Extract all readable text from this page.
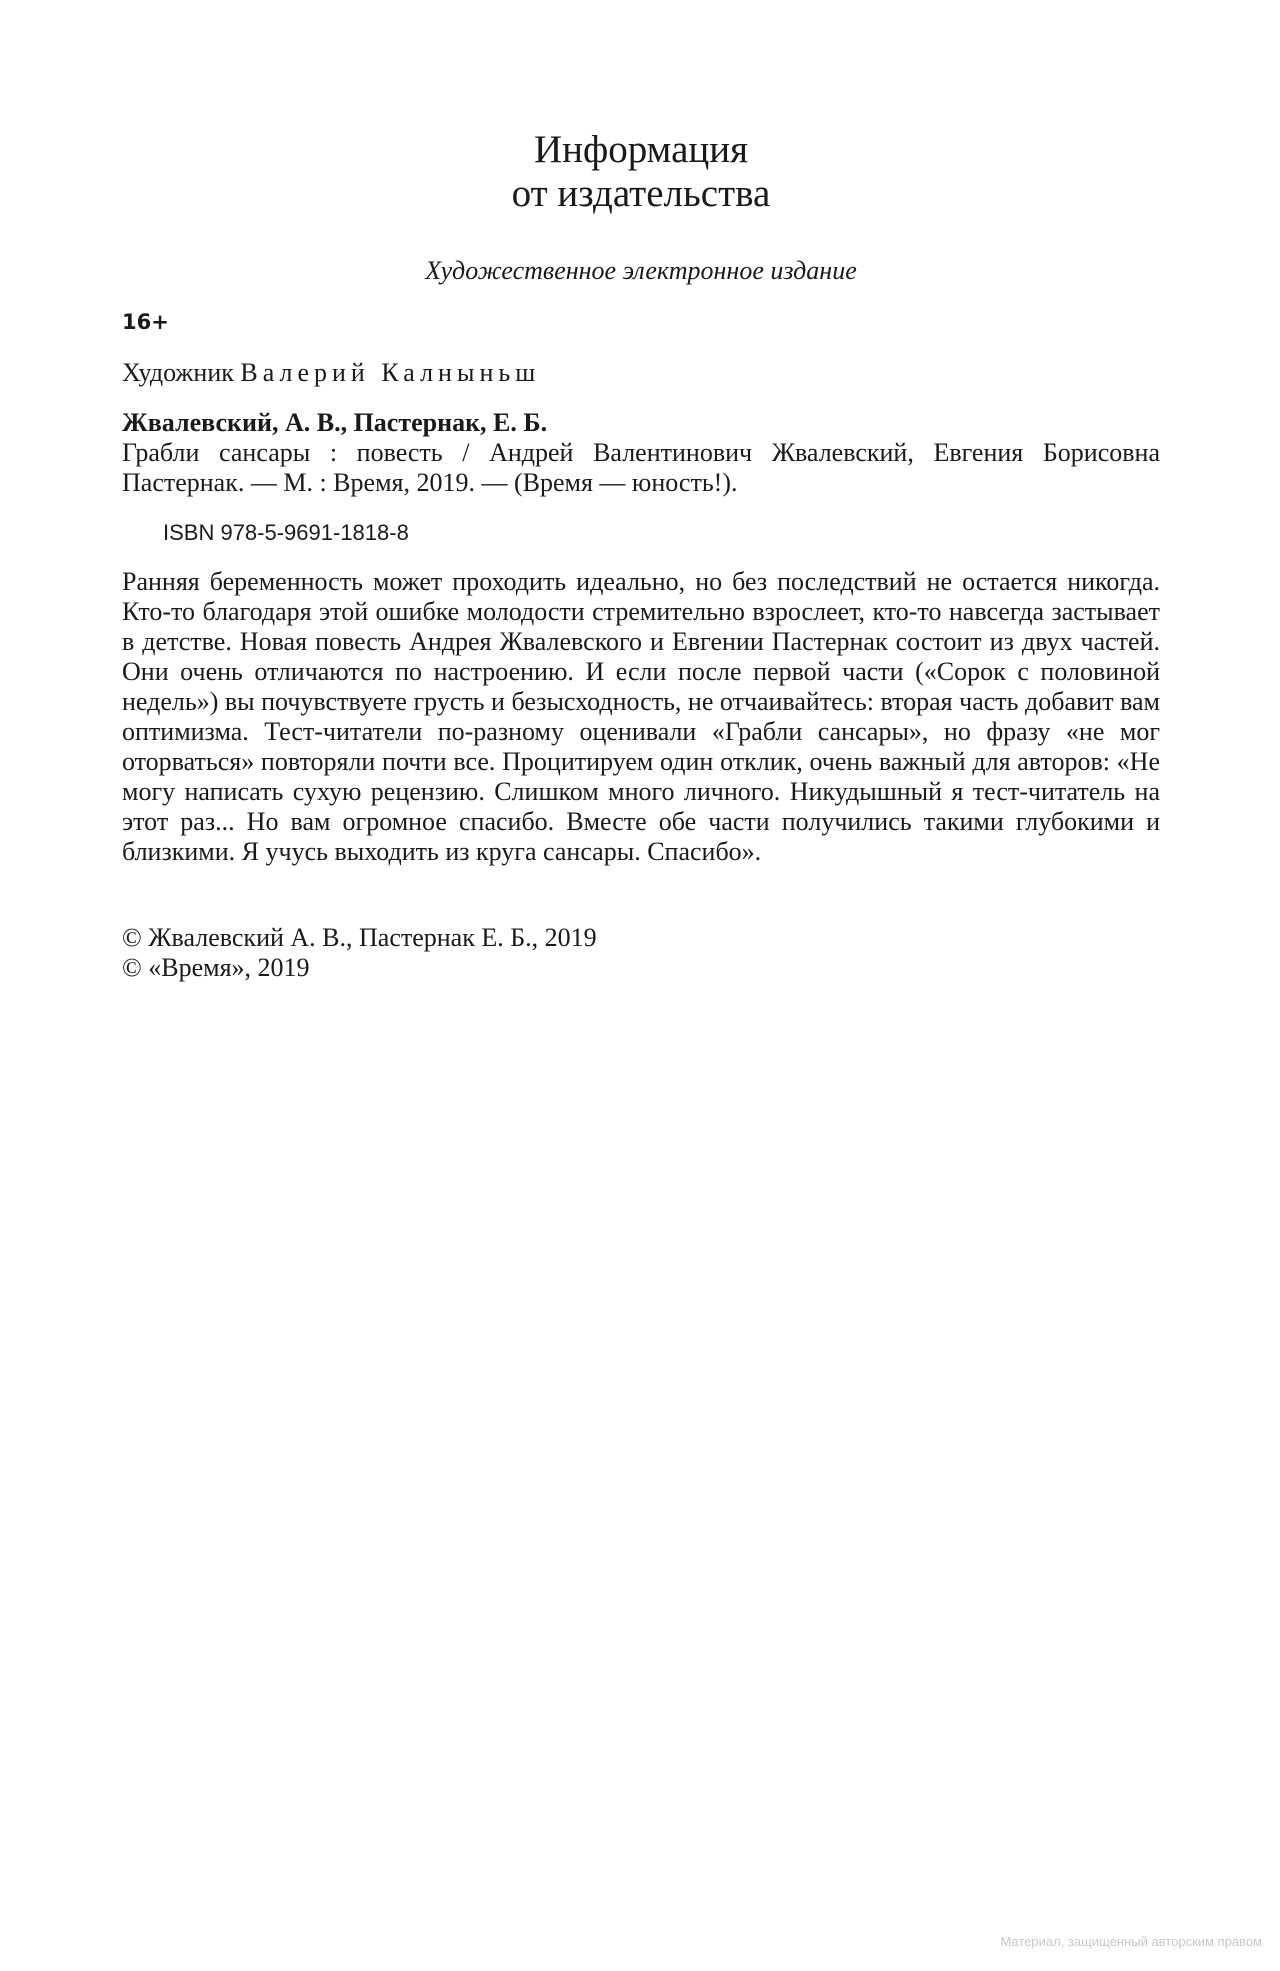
Информация
от издательства
Художественное электронное издание
16+
Художник Валерий Калныньш
Жвалевский, А. В., Пастернак, Е. Б.
Грабли сансары : повесть / Андрей Валентинович Жвалевский, Евгения Борисовна Пастернак. — М. : Время, 2019. — (Время — юность!).
ISBN 978-5-9691-1818-8

Ранняя беременность может проходить идеально, но без последствий не остается никогда. Кто-то благодаря этой ошибке молодости стремительно взрослеет, кто-то навсегда застывает в детстве. Новая повесть Андрея Жвалевского и Евгении Пастернак состоит из двух частей. Они очень отличаются по настроению. И если после первой части («Сорок с половиной недель») вы почувствуете грусть и безысходность, не отчаивайтесь: вторая часть добавит вам оптимизма. Тест-читатели по-разному оценивали «Грабли сансары», но фразу «не мог оторваться» повторяли почти все. Процитируем один отклик, очень важный для авторов: «Не могу написать сухую рецензию. Слишком много личного. Никудышный я тест-читатель на этот раз... Но вам огромное спасибо. Вместе обе части получились такими глубокими и близкими. Я учусь выходить из круга сансары. Спасибо».

© Жвалевский А. В., Пастернак Е. Б., 2019
© «Время», 2019
Материал, защищенный авторским правом
